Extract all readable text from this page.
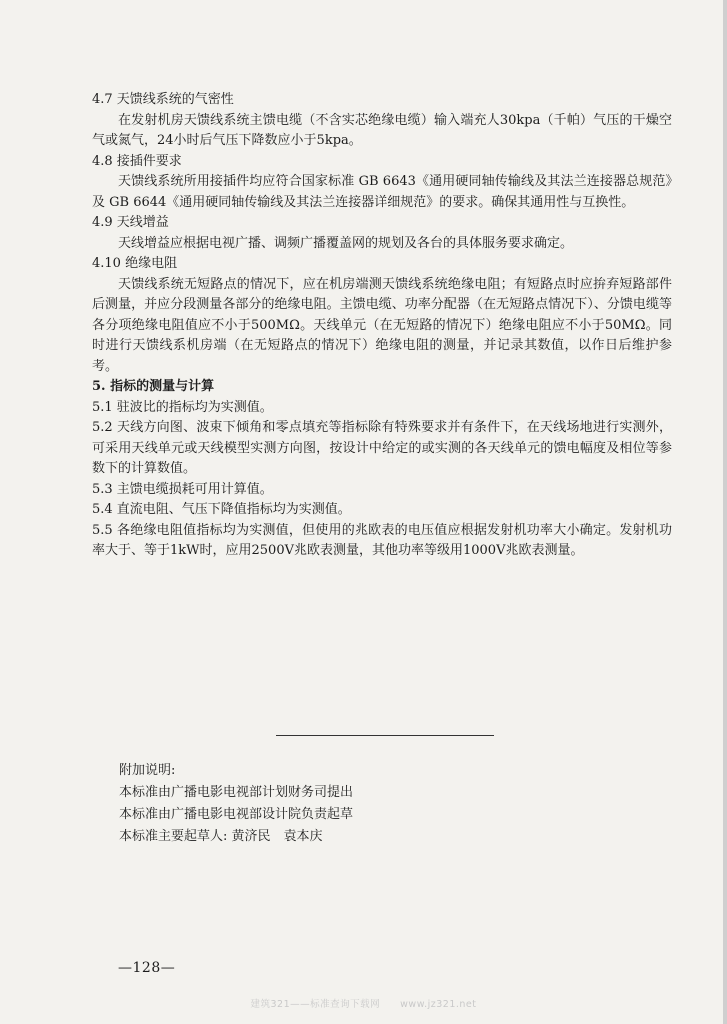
4.7 天馈线系统的气密性

在发射机房天馈线系统主馈电缆（不含实芯绝缘电缆）输入端充人30kpa（千帕）气压的干燥空气或氮气，24小时后气压下降数应小于5kpa。

4.8 接插件要求

天馈线系统所用接插件均应符合国家标准 GB 6643《通用硬同轴传输线及其法兰连接器总规范》及 GB 6644《通用硬同轴传输线及其法兰连接器详细规范》的要求。确保其通用性与互换性。

4.9 天线增益

天线增益应根据电视广播、调频广播覆盖网的规划及各台的具体服务要求确定。

4.10 绝缘电阻

天馈线系统无短路点的情况下，应在机房端测天馈线系统绝缘电阻；有短路点时应拚弃短路部件后测量，并应分段测量各部分的绝缘电阻。主馈电缆、功率分配器（在无短路点情况下）、分馈电缆等各分项绝缘电阻值应不小于500MΩ。天线单元（在无短路的情况下）绝缘电阻应不小于50MΩ。同时进行天馈线系机房端（在无短路点的情况下）绝缘电阻的测量，并记录其数值，以作日后维护参考。

5. 指标的测量与计算

5.1 驻波比的指标均为实测值。

5.2 天线方向图、波束下倾角和零点填充等指标除有特殊要求并有条件下，在天线场地进行实测外，可采用天线单元或天线模型实测方向图，按设计中给定的或实测的各天线单元的馈电幅度及相位等参数下的计算数值。

5.3 主馈电缆损耗可用计算值。

5.4 直流电阻、气压下降值指标均为实测值。

5.5 各绝缘电阻值指标均为实测值，但使用的兆欧表的电压值应根据发射机功率大小确定。发射机功率大于、等于1kW时，应用2500V兆欧表测量，其他功率等级用1000V兆欧表测量。

附加说明:
本标准由广播电影电视部计划财务司提出
本标准由广播电影电视部设计院负责起草
本标准主要起草人: 黄济民　袁本庆
—128—
建筑321——标准查询下载网　　www.jz321.net
